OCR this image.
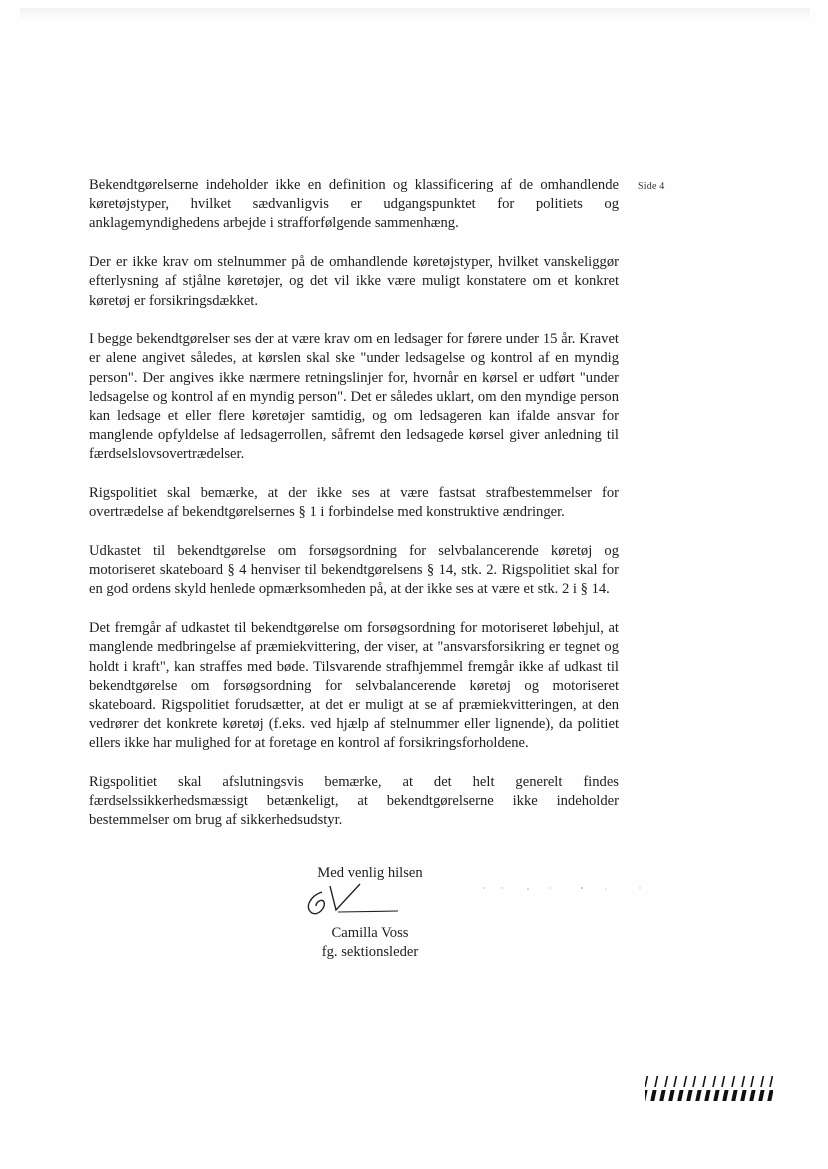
Side 4

Bekendtgørelserne indeholder ikke en definition og klassificering af de omhandlende køretøjstyper, hvilket sædvanligvis er udgangspunktet for politiets og anklagemyndighedens arbejde i strafforfølgende sammenhæng.

Der er ikke krav om stelnummer på de omhandlende køretøjstyper, hvilket vanskeliggør efterlysning af stjålne køretøjer, og det vil ikke være muligt konstatere om et konkret køretøj er forsikringsdækket.

I begge bekendtgørelser ses der at være krav om en ledsager for førere under 15 år. Kravet er alene angivet således, at kørslen skal ske "under ledsagelse og kontrol af en myndig person". Der angives ikke nærmere retningslinjer for, hvornår en kørsel er udført "under ledsagelse og kontrol af en myndig person". Det er således uklart, om den myndige person kan ledsage et eller flere køretøjer samtidig, og om ledsageren kan ifalde ansvar for manglende opfyldelse af ledsagerrollen, såfremt den ledsagede kørsel giver anledning til færdselslovsovertrædelser.

Rigspolitiet skal bemærke, at der ikke ses at være fastsat strafbestemmelser for overtrædelse af bekendtgørelsernes § 1 i forbindelse med konstruktive ændringer.

Udkastet til bekendtgørelse om forsøgsordning for selvbalancerende køretøj og motoriseret skateboard § 4 henviser til bekendtgørelsens § 14, stk. 2. Rigspolitiet skal for en god ordens skyld henlede opmærksomheden på, at der ikke ses at være et stk. 2 i § 14.

Det fremgår af udkastet til bekendtgørelse om forsøgsordning for motoriseret løbehjul, at manglende medbringelse af præmiekvittering, der viser, at "ansvarsforsikring er tegnet og holdt i kraft", kan straffes med bøde. Tilsvarende strafhjemmel fremgår ikke af udkast til bekendtgørelse om forsøgsordning for selvbalancerende køretøj og motoriseret skateboard. Rigspolitiet forudsætter, at det er muligt at se af præmiekvitteringen, at den vedrører det konkrete køretøj (f.eks. ved hjælp af stelnummer eller lignende), da politiet ellers ikke har mulighed for at foretage en kontrol af forsikringsforholdene.

Rigspolitiet skal afslutningsvis bemærke, at det helt generelt findes færdselssikkerhedsmæssigt betænkeligt, at bekendtgørelserne ikke indeholder bestemmelser om brug af sikkerhedsudstyr.

Med venlig hilsen
Camilla Voss
fg. sektionsleder
